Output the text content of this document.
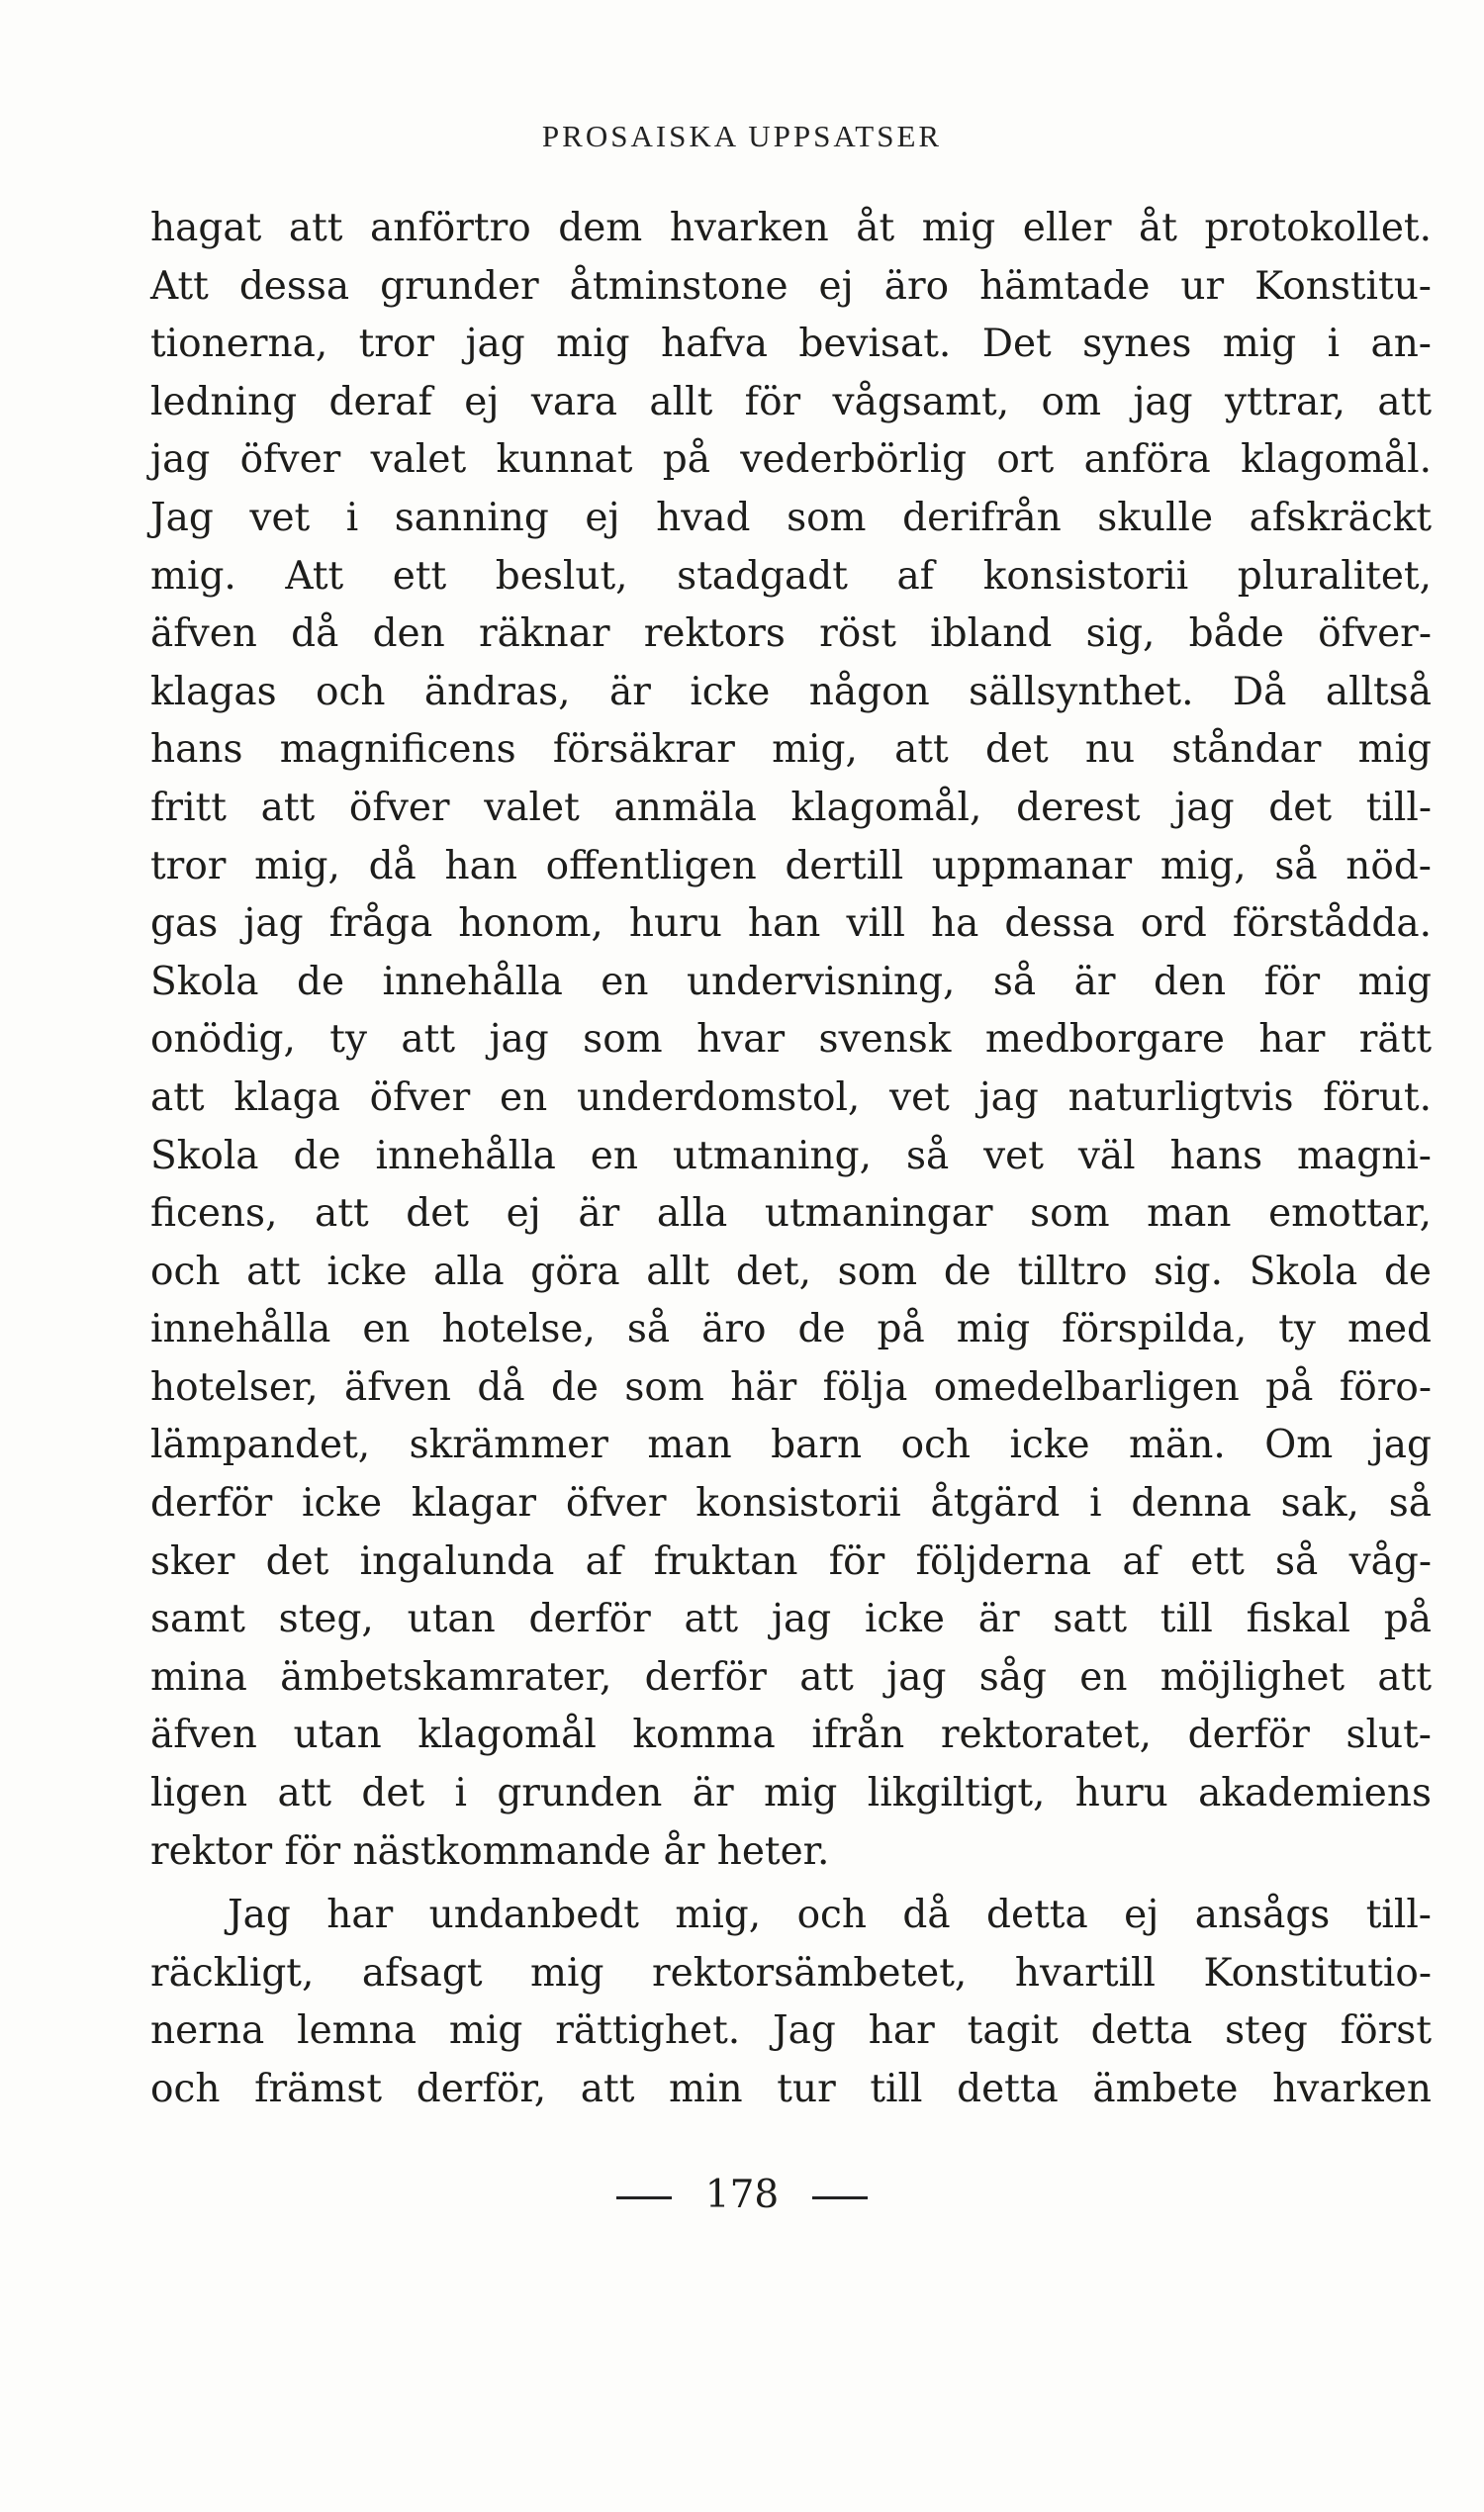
PROSAISKA UPPSATSER
hagat att anförtro dem hvarken åt mig eller åt protokollet.
Att dessa grunder åtminstone ej äro hämtade ur Konstitu-
tionerna, tror jag mig hafva bevisat. Det synes mig i an-
ledning deraf ej vara allt för vågsamt, om jag yttrar, att
jag öfver valet kunnat på vederbörlig ort anföra klagomål.
Jag vet i sanning ej hvad som derifrån skulle afskräckt
mig. Att ett beslut, stadgadt af konsistorii pluralitet,
äfven då den räknar rektors röst ibland sig, både öfver-
klagas och ändras, är icke någon sällsynthet. Då alltså
hans magnificens försäkrar mig, att det nu ståndar mig
fritt att öfver valet anmäla klagomål, derest jag det till-
tror mig, då han offentligen dertill uppmanar mig, så nöd-
gas jag fråga honom, huru han vill ha dessa ord förstådda.
Skola de innehålla en undervisning, så är den för mig
onödig, ty att jag som hvar svensk medborgare har rätt
att klaga öfver en underdomstol, vet jag naturligtvis förut.
Skola de innehålla en utmaning, så vet väl hans magni-
ficens, att det ej är alla utmaningar som man emottar,
och att icke alla göra allt det, som de tilltro sig. Skola de
innehålla en hotelse, så äro de på mig förspilda, ty med
hotelser, äfven då de som här följa omedelbarligen på föro-
lämpandet, skrämmer man barn och icke män. Om jag
derför icke klagar öfver konsistorii åtgärd i denna sak, så
sker det ingalunda af fruktan för följderna af ett så våg-
samt steg, utan derför att jag icke är satt till fiskal på
mina ämbetskamrater, derför att jag såg en möjlighet att
äfven utan klagomål komma ifrån rektoratet, derför slut-
ligen att det i grunden är mig likgiltigt, huru akademiens
rektor för nästkommande år heter.
Jag har undanbedt mig, och då detta ej ansågs till-
räckligt, afsagt mig rektorsämbetet, hvartill Konstitutio-
nerna lemna mig rättighet. Jag har tagit detta steg först
och främst derför, att min tur till detta ämbete hvarken
178
